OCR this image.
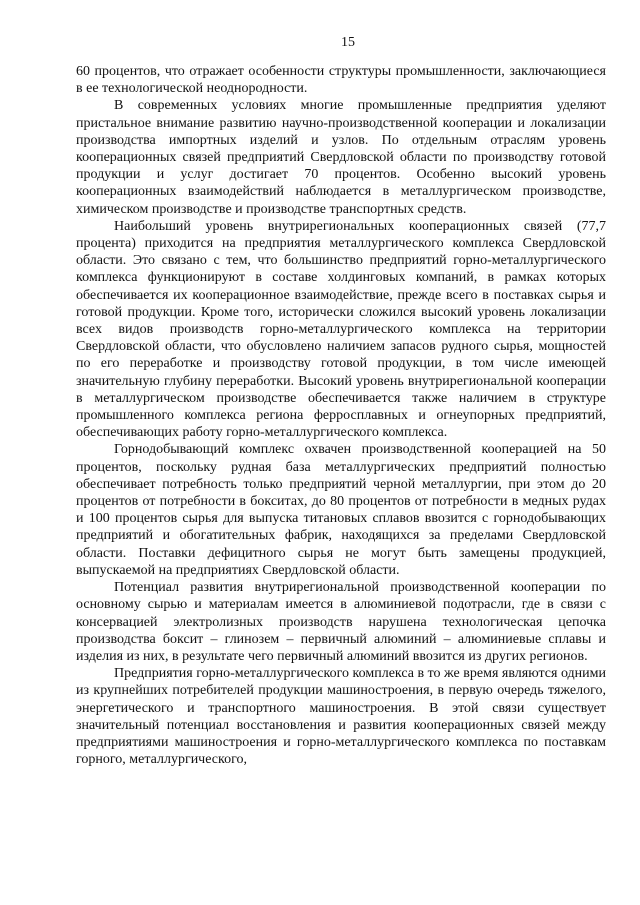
15

60 процентов, что отражает особенности структуры промышленности, заключающиеся в ее технологической неоднородности.

В современных условиях многие промышленные предприятия уделяют пристальное внимание развитию научно-производственной кооперации и локализации производства импортных изделий и узлов. По отдельным отраслям уровень кооперационных связей предприятий Свердловской области по производству готовой продукции и услуг достигает 70 процентов. Особенно высокий уровень кооперационных взаимодействий наблюдается в металлургическом производстве, химическом производстве и производстве транспортных средств.

Наибольший уровень внутрирегиональных кооперационных связей (77,7 процента) приходится на предприятия металлургического комплекса Свердловской области. Это связано с тем, что большинство предприятий горно-металлургического комплекса функционируют в составе холдинговых компаний, в рамках которых обеспечивается их кооперационное взаимодействие, прежде всего в поставках сырья и готовой продукции. Кроме того, исторически сложился высокий уровень локализации всех видов производств горно-металлургического комплекса на территории Свердловской области, что обусловлено наличием запасов рудного сырья, мощностей по его переработке и производству готовой продукции, в том числе имеющей значительную глубину переработки. Высокий уровень внутрирегиональной кооперации в металлургическом производстве обеспечивается также наличием в структуре промышленного комплекса региона ферросплавных и огнеупорных предприятий, обеспечивающих работу горно-металлургического комплекса.

Горнодобывающий комплекс охвачен производственной кооперацией на 50 процентов, поскольку рудная база металлургических предприятий полностью обеспечивает потребность только предприятий черной металлургии, при этом до 20 процентов от потребности в бокситах, до 80 процентов от потребности в медных рудах и 100 процентов сырья для выпуска титановых сплавов ввозится с горнодобывающих предприятий и обогатительных фабрик, находящихся за пределами Свердловской области. Поставки дефицитного сырья не могут быть замещены продукцией, выпускаемой на предприятиях Свердловской области.

Потенциал развития внутрирегиональной производственной кооперации по основному сырью и материалам имеется в алюминиевой подотрасли, где в связи с консервацией электролизных производств нарушена технологическая цепочка производства боксит – глинозем – первичный алюминий – алюминиевые сплавы и изделия из них, в результате чего первичный алюминий ввозится из других регионов.

Предприятия горно-металлургического комплекса в то же время являются одними из крупнейших потребителей продукции машиностроения, в первую очередь тяжелого, энергетического и транспортного машиностроения. В этой связи существует значительный потенциал восстановления и развития кооперационных связей между предприятиями машиностроения и горно-металлургического комплекса по поставкам горного, металлургического,
